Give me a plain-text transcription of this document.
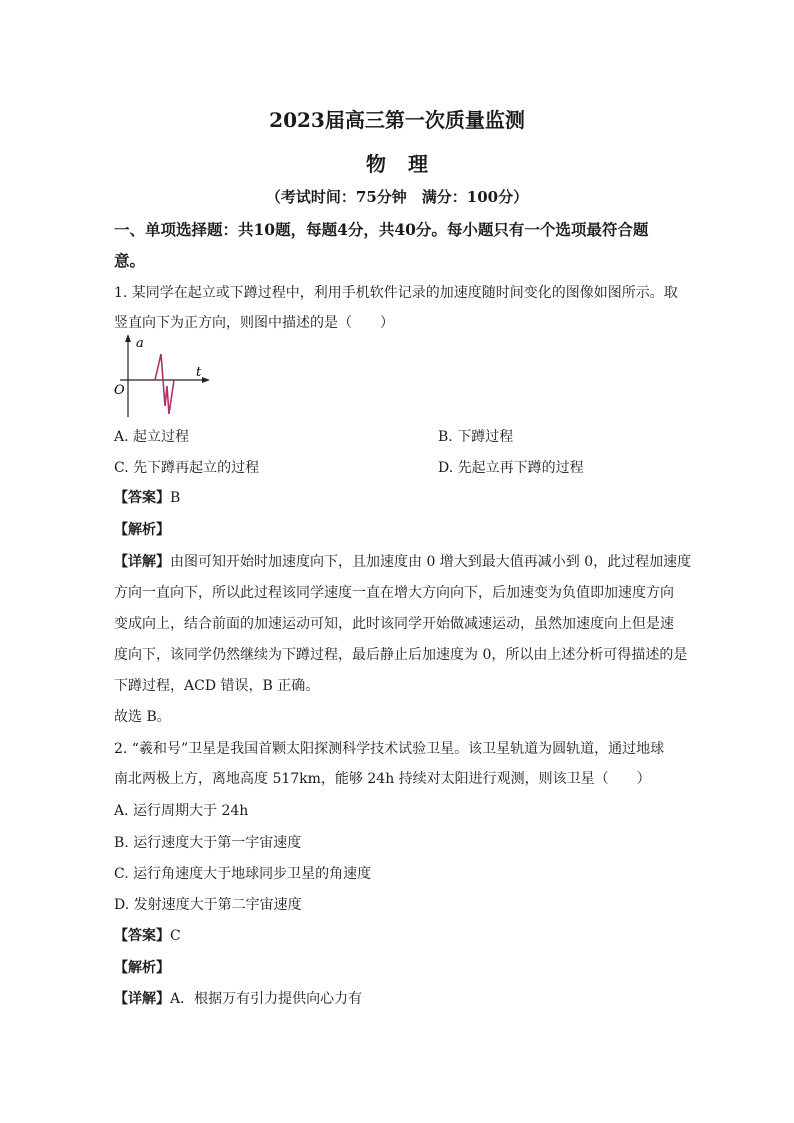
2023届高三第一次质量监测
物 理
（考试时间：75分钟　满分：100分）
一、单项选择题：共10题，每题4分，共40分。每小题只有一个选项最符合题
意。
1. 某同学在起立或下蹲过程中，利用手机软件记录的加速度随时间变化的图像如图所示。取
竖直向下为正方向，则图中描述的是（　　）
a
t
O
A. 起立过程	B. 下蹲过程
C. 先下蹲再起立的过程	D. 先起立再下蹲的过程
【答案】B
【解析】
【详解】由图可知开始时加速度向下，且加速度由 0 增大到最大值再减小到 0，此过程加速度
方向一直向下，所以此过程该同学速度一直在增大方向向下，后加速变为负值即加速度方向
变成向上，结合前面的加速运动可知，此时该同学开始做减速运动，虽然加速度向上但是速
度向下，该同学仍然继续为下蹲过程，最后静止后加速度为 0，所以由上述分析可得描述的是
下蹲过程，ACD 错误，B 正确。
故选 B。
2. “羲和号”卫星是我国首颗太阳探测科学技术试验卫星。该卫星轨道为圆轨道，通过地球
南北两极上方，离地高度 517km，能够 24h 持续对太阳进行观测，则该卫星（　　）
A. 运行周期大于 24h
B. 运行速度大于第一宇宙速度
C. 运行角速度大于地球同步卫星的角速度
D. 发射速度大于第二宇宙速度
【答案】C
【解析】
【详解】A．根据万有引力提供向心力有
